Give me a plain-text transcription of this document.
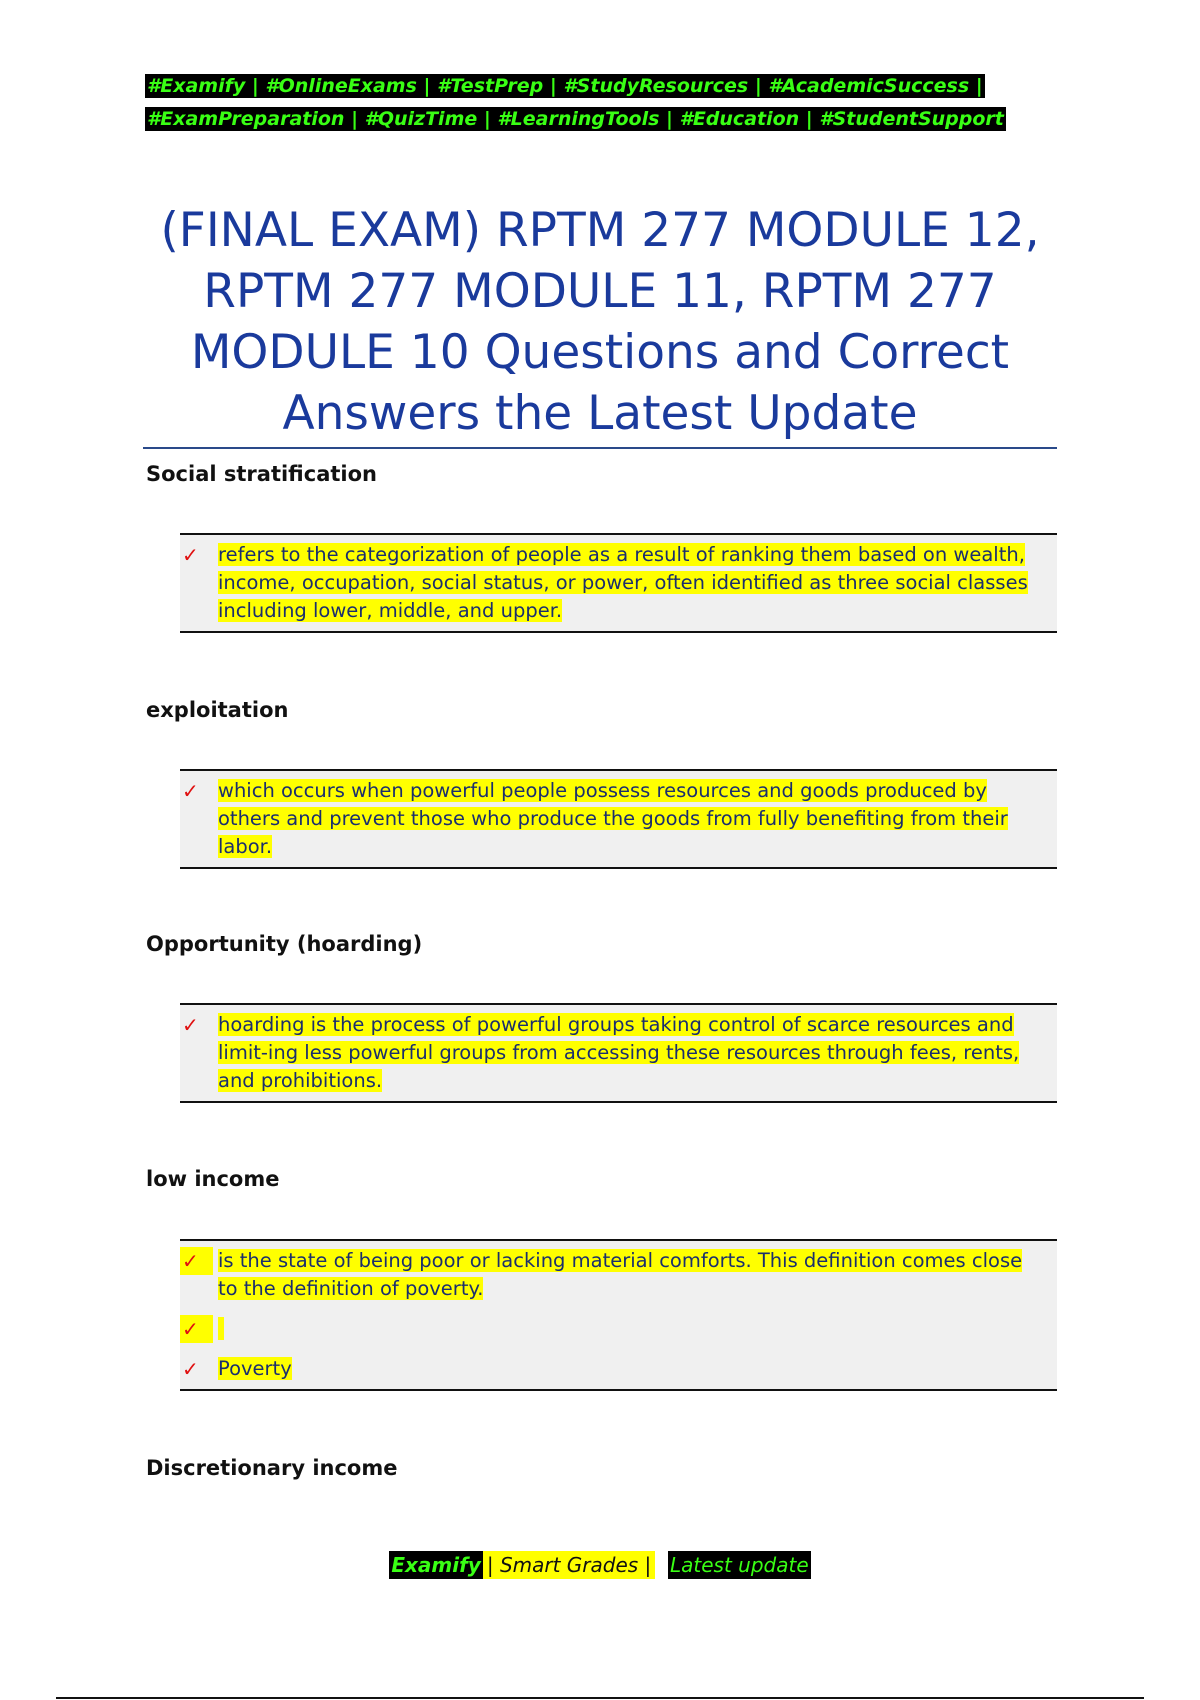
#Examify | #OnlineExams | #TestPrep | #StudyResources | #AcademicSuccess |
#ExamPreparation | #QuizTime | #LearningTools | #Education | #StudentSupport
(FINAL EXAM) RPTM 277 MODULE 12,
RPTM 277 MODULE 11, RPTM 277
MODULE 10 Questions and Correct
Answers the Latest Update
Social stratification
✓ refers to the categorization of people as a result of ranking them based on wealth, income, occupation, social status, or power, often identified as three social classes including lower, middle, and upper.
exploitation
✓ which occurs when powerful people possess resources and goods produced by others and prevent those who produce the goods from fully benefiting from their labor.
Opportunity (hoarding)
✓ hoarding is the process of powerful groups taking control of scarce resources and limit-ing less powerful groups from accessing these resources through fees, rents, and prohibitions.
low income
✓ is the state of being poor or lacking material comforts. This definition comes close to the definition of poverty.
✓

✓ Poverty
Discretionary income
Examify | Smart Grades | Latest update
